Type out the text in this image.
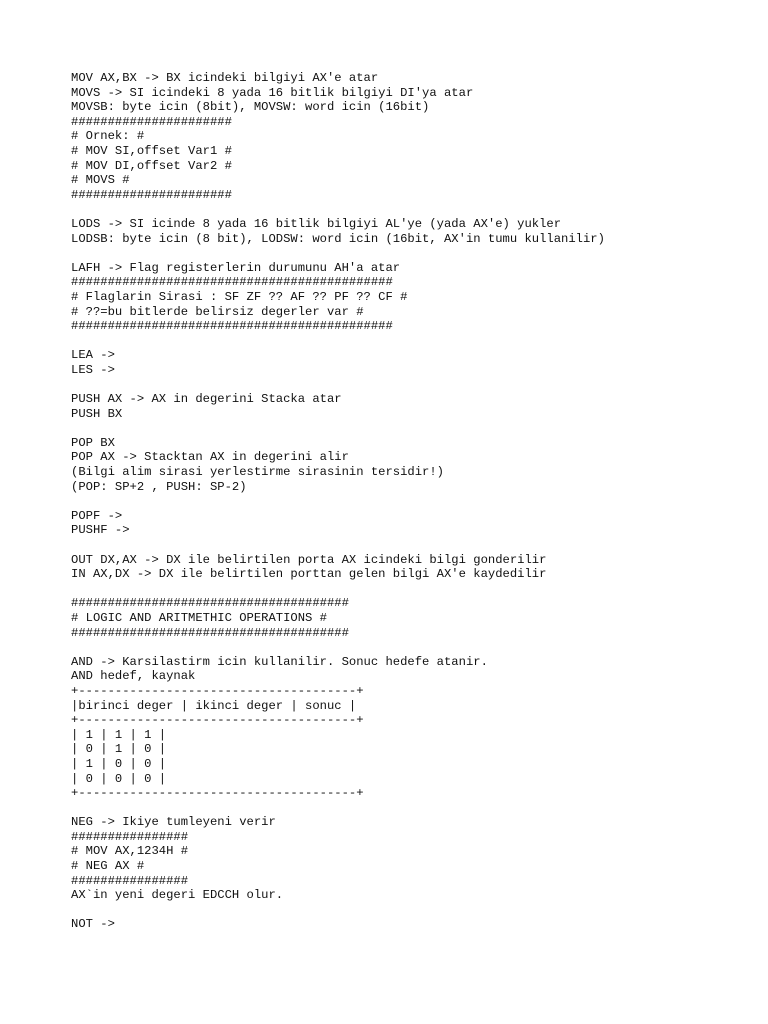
MOV AX,BX -> BX icindeki bilgiyi AX'e atar
MOVS -> SI icindeki 8 yada 16 bitlik bilgiyi DI'ya atar
MOVSB: byte icin (8bit), MOVSW: word icin (16bit)
######################
# Ornek: #
# MOV SI,offset Var1 #
# MOV DI,offset Var2 #
# MOVS #
######################
LODS -> SI icinde 8 yada 16 bitlik bilgiyi AL'ye (yada AX'e) yukler
LODSB: byte icin (8 bit), LODSW: word icin (16bit, AX'in tumu kullanilir)
LAFH -> Flag registerlerin durumunu AH'a atar
############################################
# Flaglarin Sirasi : SF ZF ?? AF ?? PF ?? CF #
# ??=bu bitlerde belirsiz degerler var #
############################################
LEA ->
LES ->
PUSH AX -> AX in degerini Stacka atar
PUSH BX
POP BX
POP AX -> Stacktan AX in degerini alir
(Bilgi alim sirasi yerlestirme sirasinin tersidir!)
(POP: SP+2 , PUSH: SP-2)
POPF ->
PUSHF ->
OUT DX,AX -> DX ile belirtilen porta AX icindeki bilgi gonderilir
IN AX,DX -> DX ile belirtilen porttan gelen bilgi AX'e kaydedilir
######################################
# LOGIC AND ARITMETHIC OPERATIONS #
######################################
AND -> Karsilastirm icin kullanilir. Sonuc hedefe atanir.
AND hedef, kaynak
+--------------------------------------+
|birinci deger | ikinci deger | sonuc |
+--------------------------------------+
| 1 | 1 | 1 |
| 0 | 1 | 0 |
| 1 | 0 | 0 |
| 0 | 0 | 0 |
+--------------------------------------+
NEG -> Ikiye tumleyeni verir
################
# MOV AX,1234H #
# NEG AX #
################
AX`in yeni degeri EDCCH olur.
NOT ->
